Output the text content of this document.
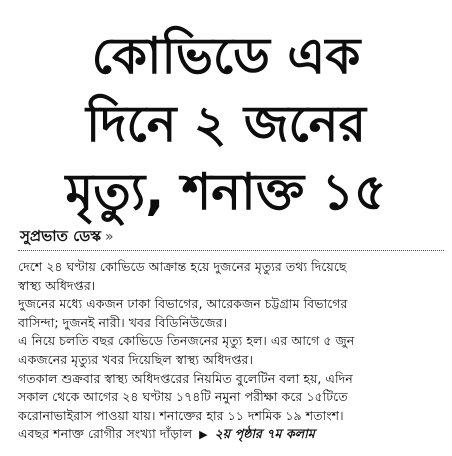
কোভিডে এক
দিনে ২ জনের
মৃত্যু, শনাক্ত ১৫
সুপ্রভাত ডেস্ক »
দেশে ২৪ ঘণ্টায় কোভিডে আক্রান্ত হয়ে দুজনের মৃত্যুর তথ্য দিয়েছে
স্বাস্থ্য অধিদপ্তর।
দুজনের মধ্যে একজন ঢাকা বিভাগের, আরেকজন চট্টগ্রাম বিভাগের
বাসিন্দা; দুজনই নারী। খবর বিডিনিউজের।
এ নিয়ে চলতি বছর কোভিডে তিনজনের মৃত্যু হল। এর আগে ৫ জুন
একজনের মৃত্যুর খবর দিয়েছিল স্বাস্থ্য অধিদপ্তর।
গতকাল শুক্রবার স্বাস্থ্য অধিদপ্তরের নিয়মিত বুলেটিন বলা হয়, এদিন
সকাল থেকে আগের ২৪ ঘণ্টায় ১৭৪টি নমুনা পরীক্ষা করে ১৫টিতে
করোনাভাইরাস পাওয়া যায়। শনাক্তের হার ১১ দশমিক ১৯ শতাংশ।
এবছর শনাক্ত রোগীর সংখ্যা দাঁড়াল ▶ ২য় পৃষ্ঠার ৭ম কলাম
